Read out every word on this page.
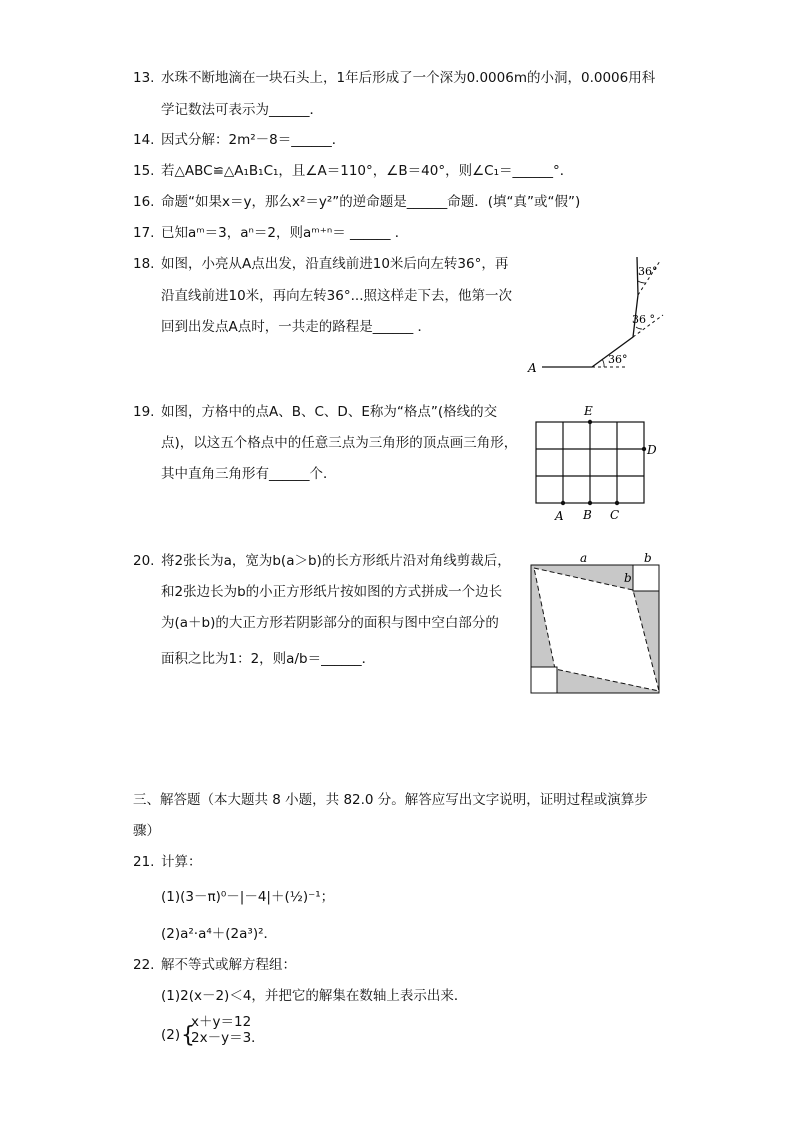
13. 水珠不断地滴在一块石头上，1年后形成了一个深为0.0006m的小洞，0.0006用科
学记数法可表示为______．
14. 因式分解：2m²－8＝______．
15. 若△ABC≌△A₁B₁C₁，且∠A＝110°，∠B＝40°，则∠C₁＝______°．
16. 命题“如果x＝y，那么x²＝y²”的逆命题是______命题．(填“真”或“假”)
17. 已知aᵐ＝3，aⁿ＝2，则aᵐ⁺ⁿ＝ ______ ．
18. 如图，小亮从A点出发，沿直线前进10米后向左转36°，再
沿直线前进10米，再向左转36°...照这样走下去，他第一次
回到出发点A点时，一共走的路程是______ ．
A
36°
36 °
36°
19. 如图，方格中的点A、B、C、D、E称为“格点”(格线的交
点)，以这五个格点中的任意三点为三角形的顶点画三角形，
其中直角三角形有______个．
A B C
D
E
20. 将2张长为a，宽为b(a＞b)的长方形纸片沿对角线剪裁后，
和2张边长为b的小正方形纸片按如图的方式拼成一个边长
为(a＋b)的大正方形若阴影部分的面积与图中空白部分的
面积之比为1：2，则a/b＝______．
a	b
b
三、解答题（本大题共 8 小题，共 82.0 分。解答应写出文字说明，证明过程或演算步
骤）
21. 计算：
(1)(3－π)⁰－|－4|＋(½)⁻¹；
(2)a²·a⁴＋(2a³)²．
22. 解不等式或解方程组：
(1)2(x－2)＜4，并把它的解集在数轴上表示出来．
(2) {
x＋y＝12
2x－y＝3．
